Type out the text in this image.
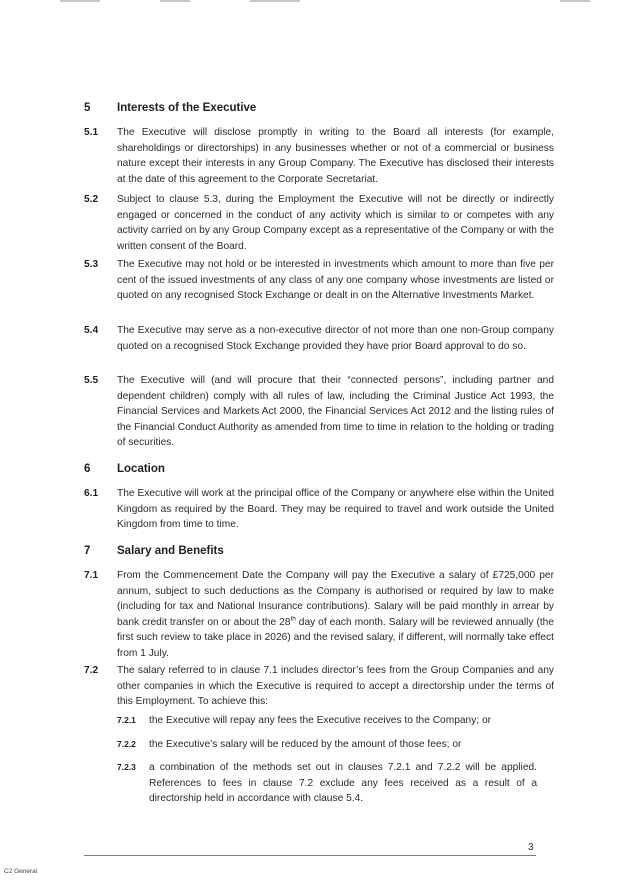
5 Interests of the Executive
5.1 The Executive will disclose promptly in writing to the Board all interests (for example, shareholdings or directorships) in any businesses whether or not of a commercial or business nature except their interests in any Group Company. The Executive has disclosed their interests at the date of this agreement to the Corporate Secretariat.
5.2 Subject to clause 5.3, during the Employment the Executive will not be directly or indirectly engaged or concerned in the conduct of any activity which is similar to or competes with any activity carried on by any Group Company except as a representative of the Company or with the written consent of the Board.
5.3 The Executive may not hold or be interested in investments which amount to more than five per cent of the issued investments of any class of any one company whose investments are listed or quoted on any recognised Stock Exchange or dealt in on the Alternative Investments Market.
5.4 The Executive may serve as a non-executive director of not more than one non-Group company quoted on a recognised Stock Exchange provided they have prior Board approval to do so.
5.5 The Executive will (and will procure that their “connected persons”, including partner and dependent children) comply with all rules of law, including the Criminal Justice Act 1993, the Financial Services and Markets Act 2000, the Financial Services Act 2012 and the listing rules of the Financial Conduct Authority as amended from time to time in relation to the holding or trading of securities.
6 Location
6.1 The Executive will work at the principal office of the Company or anywhere else within the United Kingdom as required by the Board. They may be required to travel and work outside the United Kingdom from time to time.
7 Salary and Benefits
7.1 From the Commencement Date the Company will pay the Executive a salary of £725,000 per annum, subject to such deductions as the Company is authorised or required by law to make (including for tax and National Insurance contributions). Salary will be paid monthly in arrear by bank credit transfer on or about the 28th day of each month. Salary will be reviewed annually (the first such review to take place in 2026) and the revised salary, if different, will normally take effect from 1 July.
7.2 The salary referred to in clause 7.1 includes director’s fees from the Group Companies and any other companies in which the Executive is required to accept a directorship under the terms of this Employment. To achieve this:
7.2.1 the Executive will repay any fees the Executive receives to the Company; or
7.2.2 the Executive’s salary will be reduced by the amount of those fees; or
7.2.3 a combination of the methods set out in clauses 7.2.1 and 7.2.2 will be applied. References to fees in clause 7.2 exclude any fees received as a result of a directorship held in accordance with clause 5.4.
3
C2 General
